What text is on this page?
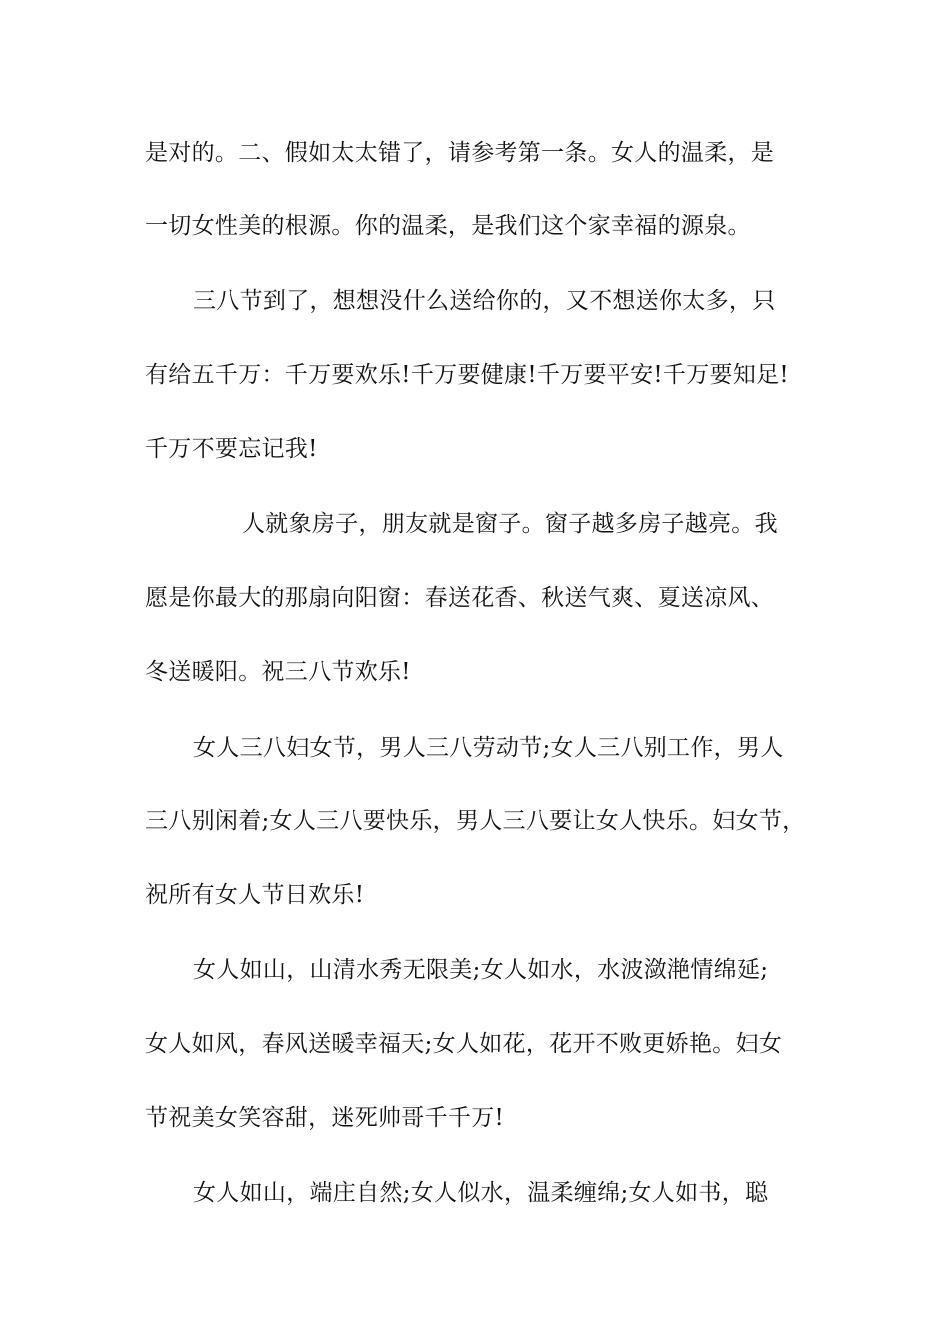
是对的。二、假如太太错了，请参考第一条。女人的温柔，是
一切女性美的根源。你的温柔，是我们这个家幸福的源泉。
三八节到了，想想没什么送给你的，又不想送你太多，只
有给五千万：千万要欢乐!千万要健康!千万要平安!千万要知足!
千万不要忘记我!
人就象房子，朋友就是窗子。窗子越多房子越亮。我
愿是你最大的那扇向阳窗：春送花香、秋送气爽、夏送凉风、
冬送暖阳。祝三八节欢乐!
女人三八妇女节，男人三八劳动节;女人三八别工作，男人
三八别闲着;女人三八要快乐，男人三八要让女人快乐。妇女节，
祝所有女人节日欢乐!
女人如山，山清水秀无限美;女人如水，水波潋滟情绵延;
女人如风，春风送暖幸福天;女人如花，花开不败更娇艳。妇女
节祝美女笑容甜，迷死帅哥千千万!
女人如山，端庄自然;女人似水，温柔缠绵;女人如书，聪
